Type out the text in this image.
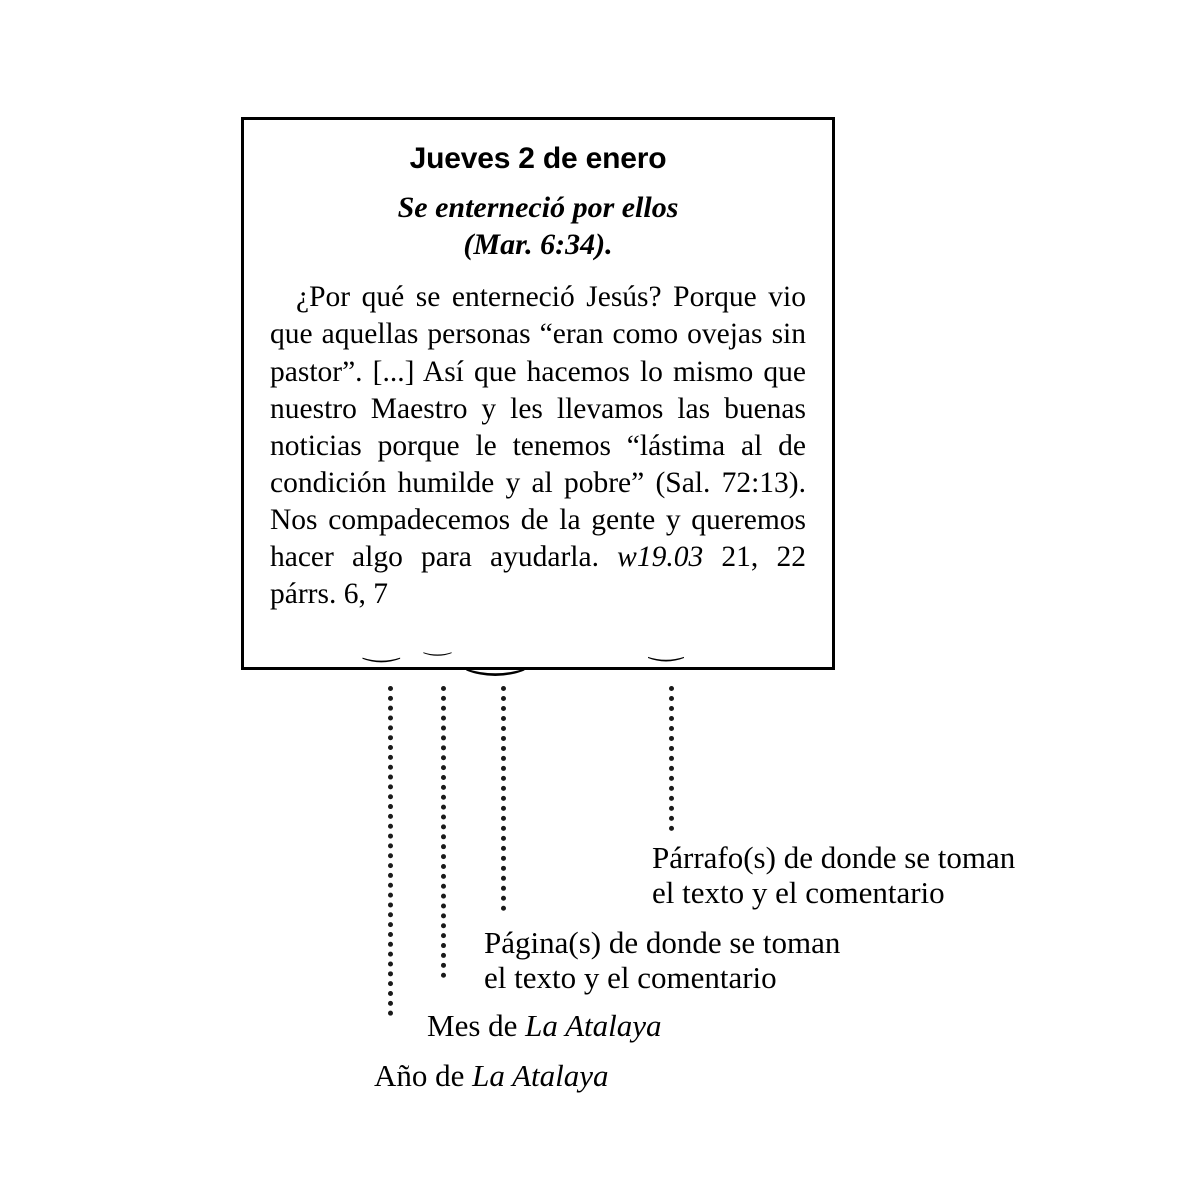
Jueves 2 de enero
Se enterneció por ellos
(Mar. 6:34).

¿Por qué se enterneció Jesús? Porque vio que aquellas personas “eran como ovejas sin pastor”. [...] Así que hacemos lo mismo que nuestro Maestro y les llevamos las buenas noticias porque le tenemos “lástima al de condición humilde y al pobre” (Sal. 72:13). Nos compadecemos de la gente y queremos hacer algo para ayudarla. w19.03 21, 22 párrs. 6, 7

⏝ ⏝ ⏝	⏝
Párrafo(s) de donde se toman
el texto y el comentario
Página(s) de donde se toman
el texto y el comentario
Mes de La Atalaya
Año de La Atalaya
